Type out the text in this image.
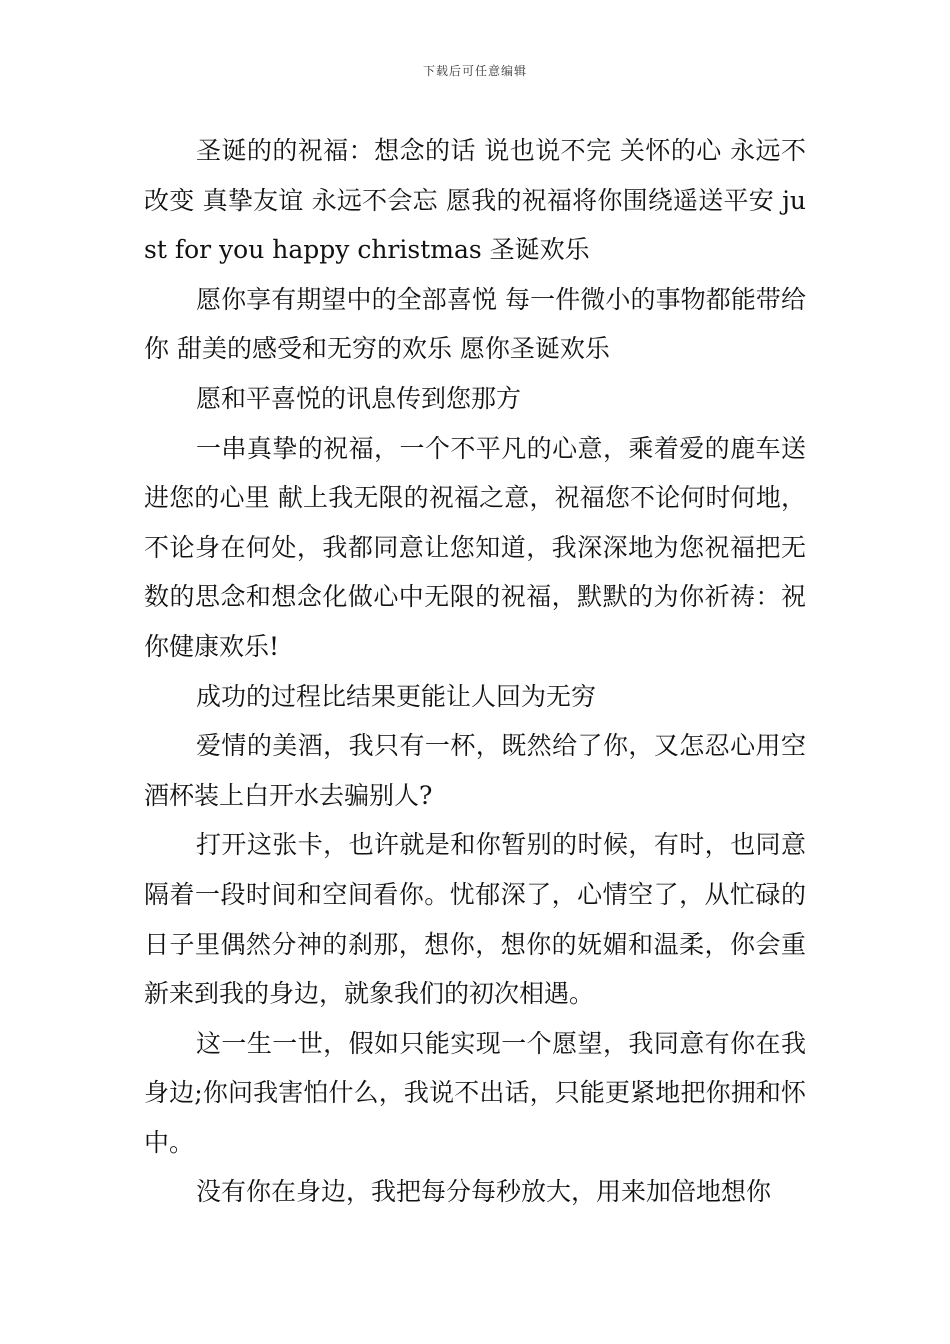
下载后可任意编辑

圣诞的的祝福：想念的话 说也说不完 关怀的心 永远不改变 真挚友谊 永远不会忘 愿我的祝福将你围绕遥送平安 just for you happy christmas 圣诞欢乐

愿你享有期望中的全部喜悦 每一件微小的事物都能带给你 甜美的感受和无穷的欢乐 愿你圣诞欢乐

愿和平喜悦的讯息传到您那方

一串真挚的祝福，一个不平凡的心意，乘着爱的鹿车送进您的心里 献上我无限的祝福之意，祝福您不论何时何地，不论身在何处，我都同意让您知道，我深深地为您祝福把无数的思念和想念化做心中无限的祝福，默默的为你祈祷：祝你健康欢乐!

成功的过程比结果更能让人回为无穷

爱情的美酒，我只有一杯，既然给了你，又怎忍心用空酒杯装上白开水去骗别人?

打开这张卡，也许就是和你暂别的时候，有时，也同意隔着一段时间和空间看你。忧郁深了，心情空了，从忙碌的日子里偶然分神的刹那，想你，想你的妩媚和温柔，你会重新来到我的身边，就象我们的初次相遇。

这一生一世，假如只能实现一个愿望，我同意有你在我身边;你问我害怕什么，我说不出话，只能更紧地把你拥和怀中。

没有你在身边，我把每分每秒放大，用来加倍地想你
